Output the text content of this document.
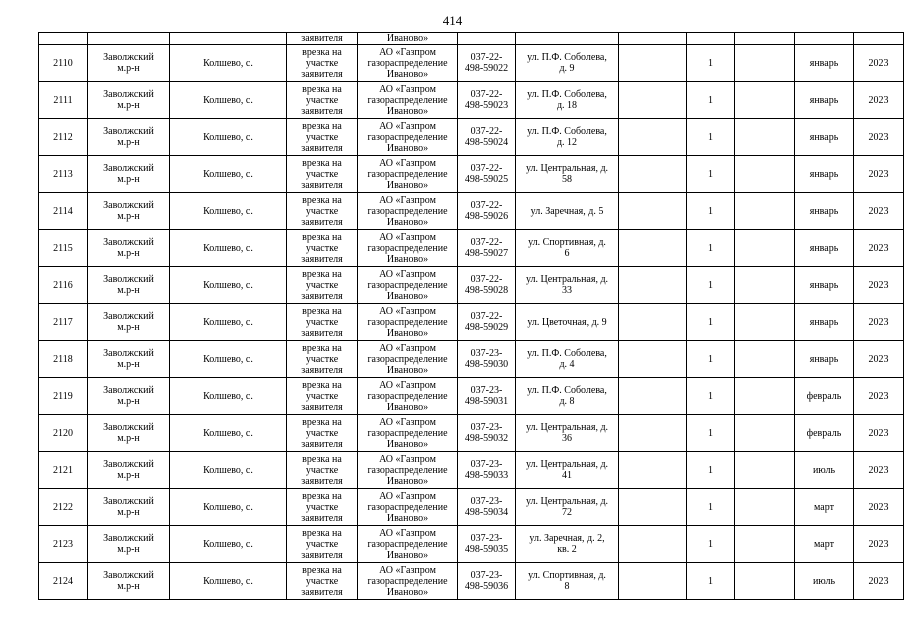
414
			заявителя	Иваново»							
2110	Заволжский
м.р-н	Колшево, с.	врезка на
участке
заявителя	АО «Газпром
газораспределение
Иваново»	037-22-
498-59022	ул. П.Ф. Соболева,
д. 9		1		январь	2023
2111	Заволжский
м.р-н	Колшево, с.	врезка на
участке
заявителя	АО «Газпром
газораспределение
Иваново»	037-22-
498-59023	ул. П.Ф. Соболева,
д. 18		1		январь	2023
2112	Заволжский
м.р-н	Колшево, с.	врезка на
участке
заявителя	АО «Газпром
газораспределение
Иваново»	037-22-
498-59024	ул. П.Ф. Соболева,
д. 12		1		январь	2023
2113	Заволжский
м.р-н	Колшево, с.	врезка на
участке
заявителя	АО «Газпром
газораспределение
Иваново»	037-22-
498-59025	ул. Центральная, д.
58		1		январь	2023
2114	Заволжский
м.р-н	Колшево, с.	врезка на
участке
заявителя	АО «Газпром
газораспределение
Иваново»	037-22-
498-59026	ул. Заречная, д. 5		1		январь	2023
2115	Заволжский
м.р-н	Колшево, с.	врезка на
участке
заявителя	АО «Газпром
газораспределение
Иваново»	037-22-
498-59027	ул. Спортивная, д.
6		1		январь	2023
2116	Заволжский
м.р-н	Колшево, с.	врезка на
участке
заявителя	АО «Газпром
газораспределение
Иваново»	037-22-
498-59028	ул. Центральная, д.
33		1		январь	2023
2117	Заволжский
м.р-н	Колшево, с.	врезка на
участке
заявителя	АО «Газпром
газораспределение
Иваново»	037-22-
498-59029	ул. Цветочная, д. 9		1		январь	2023
2118	Заволжский
м.р-н	Колшево, с.	врезка на
участке
заявителя	АО «Газпром
газораспределение
Иваново»	037-23-
498-59030	ул. П.Ф. Соболева,
д. 4		1		январь	2023
2119	Заволжский
м.р-н	Колшево, с.	врезка на
участке
заявителя	АО «Газпром
газораспределение
Иваново»	037-23-
498-59031	ул. П.Ф. Соболева,
д. 8		1		февраль	2023
2120	Заволжский
м.р-н	Колшево, с.	врезка на
участке
заявителя	АО «Газпром
газораспределение
Иваново»	037-23-
498-59032	ул. Центральная, д.
36		1		февраль	2023
2121	Заволжский
м.р-н	Колшево, с.	врезка на
участке
заявителя	АО «Газпром
газораспределение
Иваново»	037-23-
498-59033	ул. Центральная, д.
41		1		июль	2023
2122	Заволжский
м.р-н	Колшево, с.	врезка на
участке
заявителя	АО «Газпром
газораспределение
Иваново»	037-23-
498-59034	ул. Центральная, д.
72		1		март	2023
2123	Заволжский
м.р-н	Колшево, с.	врезка на
участке
заявителя	АО «Газпром
газораспределение
Иваново»	037-23-
498-59035	ул. Заречная, д. 2,
кв. 2		1		март	2023
2124	Заволжский
м.р-н	Колшево, с.	врезка на
участке
заявителя	АО «Газпром
газораспределение
Иваново»	037-23-
498-59036	ул. Спортивная, д.
8		1		июль	2023
